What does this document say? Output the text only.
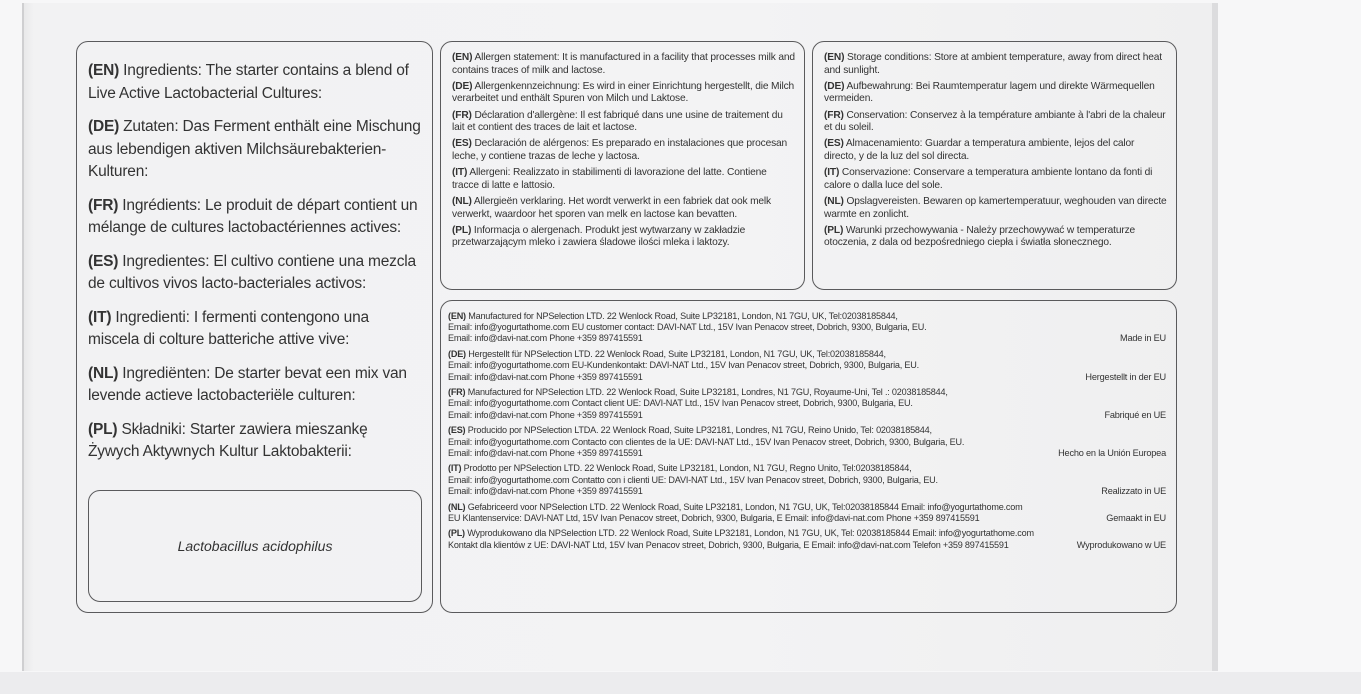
(EN) Ingredients: The starter contains a blend of Live Active Lactobacterial Cultures:
(DE) Zutaten: Das Ferment enthält eine Mischung aus lebendigen aktiven Milchsäurebakterien-Kulturen:
(FR) Ingrédients: Le produit de départ contient un mélange de cultures lactobactériennes actives:
(ES) Ingredientes: El cultivo contiene una mezcla de cultivos vivos lacto-bacteriales activos:
(IT) Ingredienti: I fermenti contengono una miscela di colture batteriche attive vive:
(NL) Ingrediënten: De starter bevat een mix van levende actieve lactobacteriële culturen:
(PL) Składniki: Starter zawiera mieszankę Żywych Aktywnych Kultur Laktobakterii:
Lactobacillus acidophilus
(EN) Allergen statement: It is manufactured in a facility that processes milk and contains traces of milk and lactose.
(DE) Allergenkennzeichnung: Es wird in einer Einrichtung hergestellt, die Milch verarbeitet und enthält Spuren von Milch und Laktose.
(FR) Déclaration d'allergène: Il est fabriqué dans une usine de traitement du lait et contient des traces de lait et lactose.
(ES) Declaración de alérgenos: Es preparado en instalaciones que procesan leche, y contiene trazas de leche y lactosa.
(IT) Allergeni: Realizzato in stabilimenti di lavorazione del latte. Contiene tracce di latte e lattosio.
(NL) Allergieën verklaring. Het wordt verwerkt in een fabriek dat ook melk verwerkt, waardoor het sporen van melk en lactose kan bevatten.
(PL) Informacja o alergenach. Produkt jest wytwarzany w zakładzie przetwarzającym mleko i zawiera śladowe ilości mleka i laktozy.
(EN) Storage conditions: Store at ambient temperature, away from direct heat and sunlight.
(DE) Aufbewahrung: Bei Raumtemperatur lagem und direkte Wärmequellen vermeiden.
(FR) Conservation: Conservez à la température ambiante à l'abri de la chaleur et du soleil.
(ES) Almacenamiento: Guardar a temperatura ambiente, lejos del calor directo, y de la luz del sol directa.
(IT) Conservazione: Conservare a temperatura ambiente lontano da fonti di calore o dalla luce del sole.
(NL) Opslagvereisten. Bewaren op kamertemperatuur, weghouden van directe warmte en zonlicht.
(PL) Warunki przechowywania - Należy przechowywać w temperaturze otoczenia, z dala od bezpośredniego ciepła i światła słonecznego.
(EN) Manufactured for NPSelection LTD. 22 Wenlock Road, Suite LP32181, London, N1 7GU, UK, Tel:02038185844,
Email: info@yogurtathome.com EU customer contact: DAVI-NAT Ltd., 15V Ivan Penacov street, Dobrich, 9300, Bulgaria, EU.
Email: info@davi-nat.com Phone +359 897415591	Made in EU
(DE) Hergestellt für NPSelection LTD. 22 Wenlock Road, Suite LP32181, London, N1 7GU, UK, Tel:02038185844,
Email: info@yogurtathome.com EU-Kundenkontakt: DAVI-NAT Ltd., 15V Ivan Penacov street, Dobrich, 9300, Bulgaria, EU.
Email: info@davi-nat.com Phone +359 897415591	Hergestellt in der EU
(FR) Manufactured for NPSelection LTD. 22 Wenlock Road, Suite LP32181, Londres, N1 7GU, Royaume-Uni, Tel .: 02038185844,
Email: info@yogurtathome.com Contact client UE: DAVI-NAT Ltd., 15V Ivan Penacov street, Dobrich, 9300, Bulgaria, EU.
Email: info@davi-nat.com Phone +359 897415591	Fabriqué en UE
(ES) Producido por NPSelection LTDA. 22 Wenlock Road, Suite LP32181, Londres, N1 7GU, Reino Unido, Tel: 02038185844,
Email: info@yogurtathome.com Contacto con clientes de la UE: DAVI-NAT Ltd., 15V Ivan Penacov street, Dobrich, 9300, Bulgaria, EU.
Email: info@davi-nat.com Phone +359 897415591	Hecho en la Unión Europea
(IT) Prodotto per NPSelection LTD. 22 Wenlock Road, Suite LP32181, London, N1 7GU, Regno Unito, Tel:02038185844,
Email: info@yogurtathome.com Contatto con i clienti UE: DAVI-NAT Ltd., 15V Ivan Penacov street, Dobrich, 9300, Bulgaria, EU.
Email: info@davi-nat.com Phone +359 897415591	Realizzato in UE
(NL) Gefabriceerd voor NPSelection LTD. 22 Wenlock Road, Suite LP32181, London, N1 7GU, UK, Tel:02038185844 Email: info@yogurtathome.com
EU Klantenservice: DAVI-NAT Ltd, 15V Ivan Penacov street, Dobrich, 9300, Bulgaria, E Email: info@davi-nat.com Phone +359 897415591	Gemaakt in EU
(PL) Wyprodukowano dla NPSelection LTD. 22 Wenlock Road, Suite LP32181, London, N1 7GU, UK, Tel: 02038185844 Email: info@yogurtathome.com
Kontakt dla klientów z UE: DAVI-NAT Ltd, 15V Ivan Penacov street, Dobrich, 9300, Bułgaria, E Email: info@davi-nat.com Telefon +359 897415591	Wyprodukowano w UE
